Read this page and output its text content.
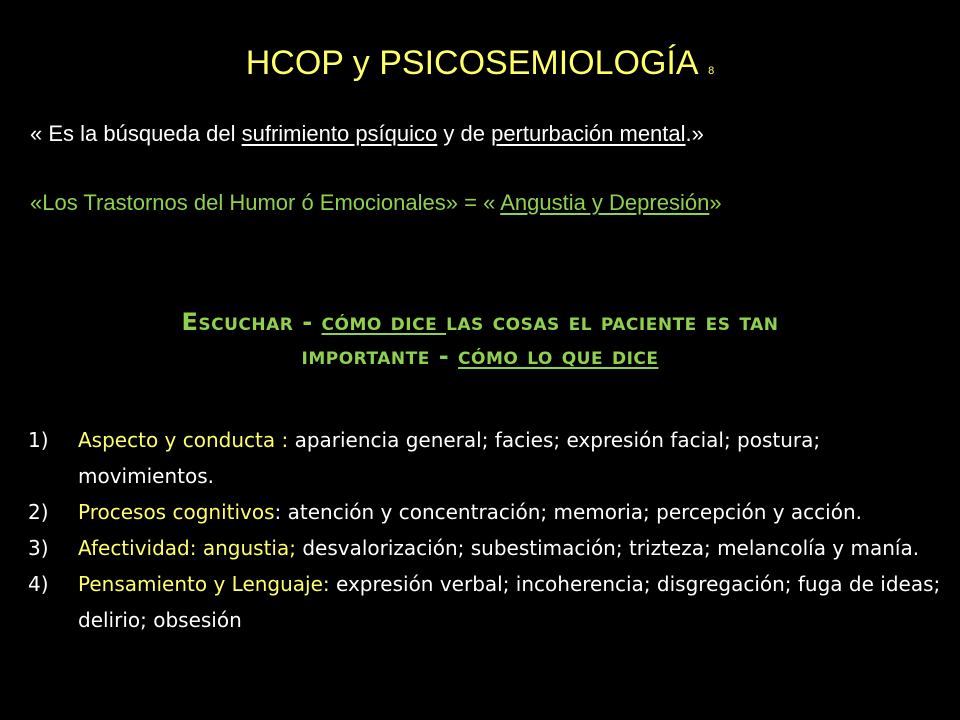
HCOP y PSICOSEMIOLOGÍA 8
« Es la búsqueda del sufrimiento psíquico y de perturbación mental.»
«Los Trastornos del Humor ó Emocionales» = « Angustia y Depresión»
Escuchar - cómo dice las cosas el paciente es tan
importante - cómo lo que dice
1)	Aspecto y conducta : apariencia general; facies; expresión facial; postura; movimientos.
2)	Procesos cognitivos: atención y concentración; memoria; percepción y acción.
3)	Afectividad: angustia; desvalorización; subestimación; trizteza; melancolía y manía.
4)	Pensamiento y Lenguaje: expresión verbal; incoherencia; disgregación; fuga de ideas; delirio; obsesión
